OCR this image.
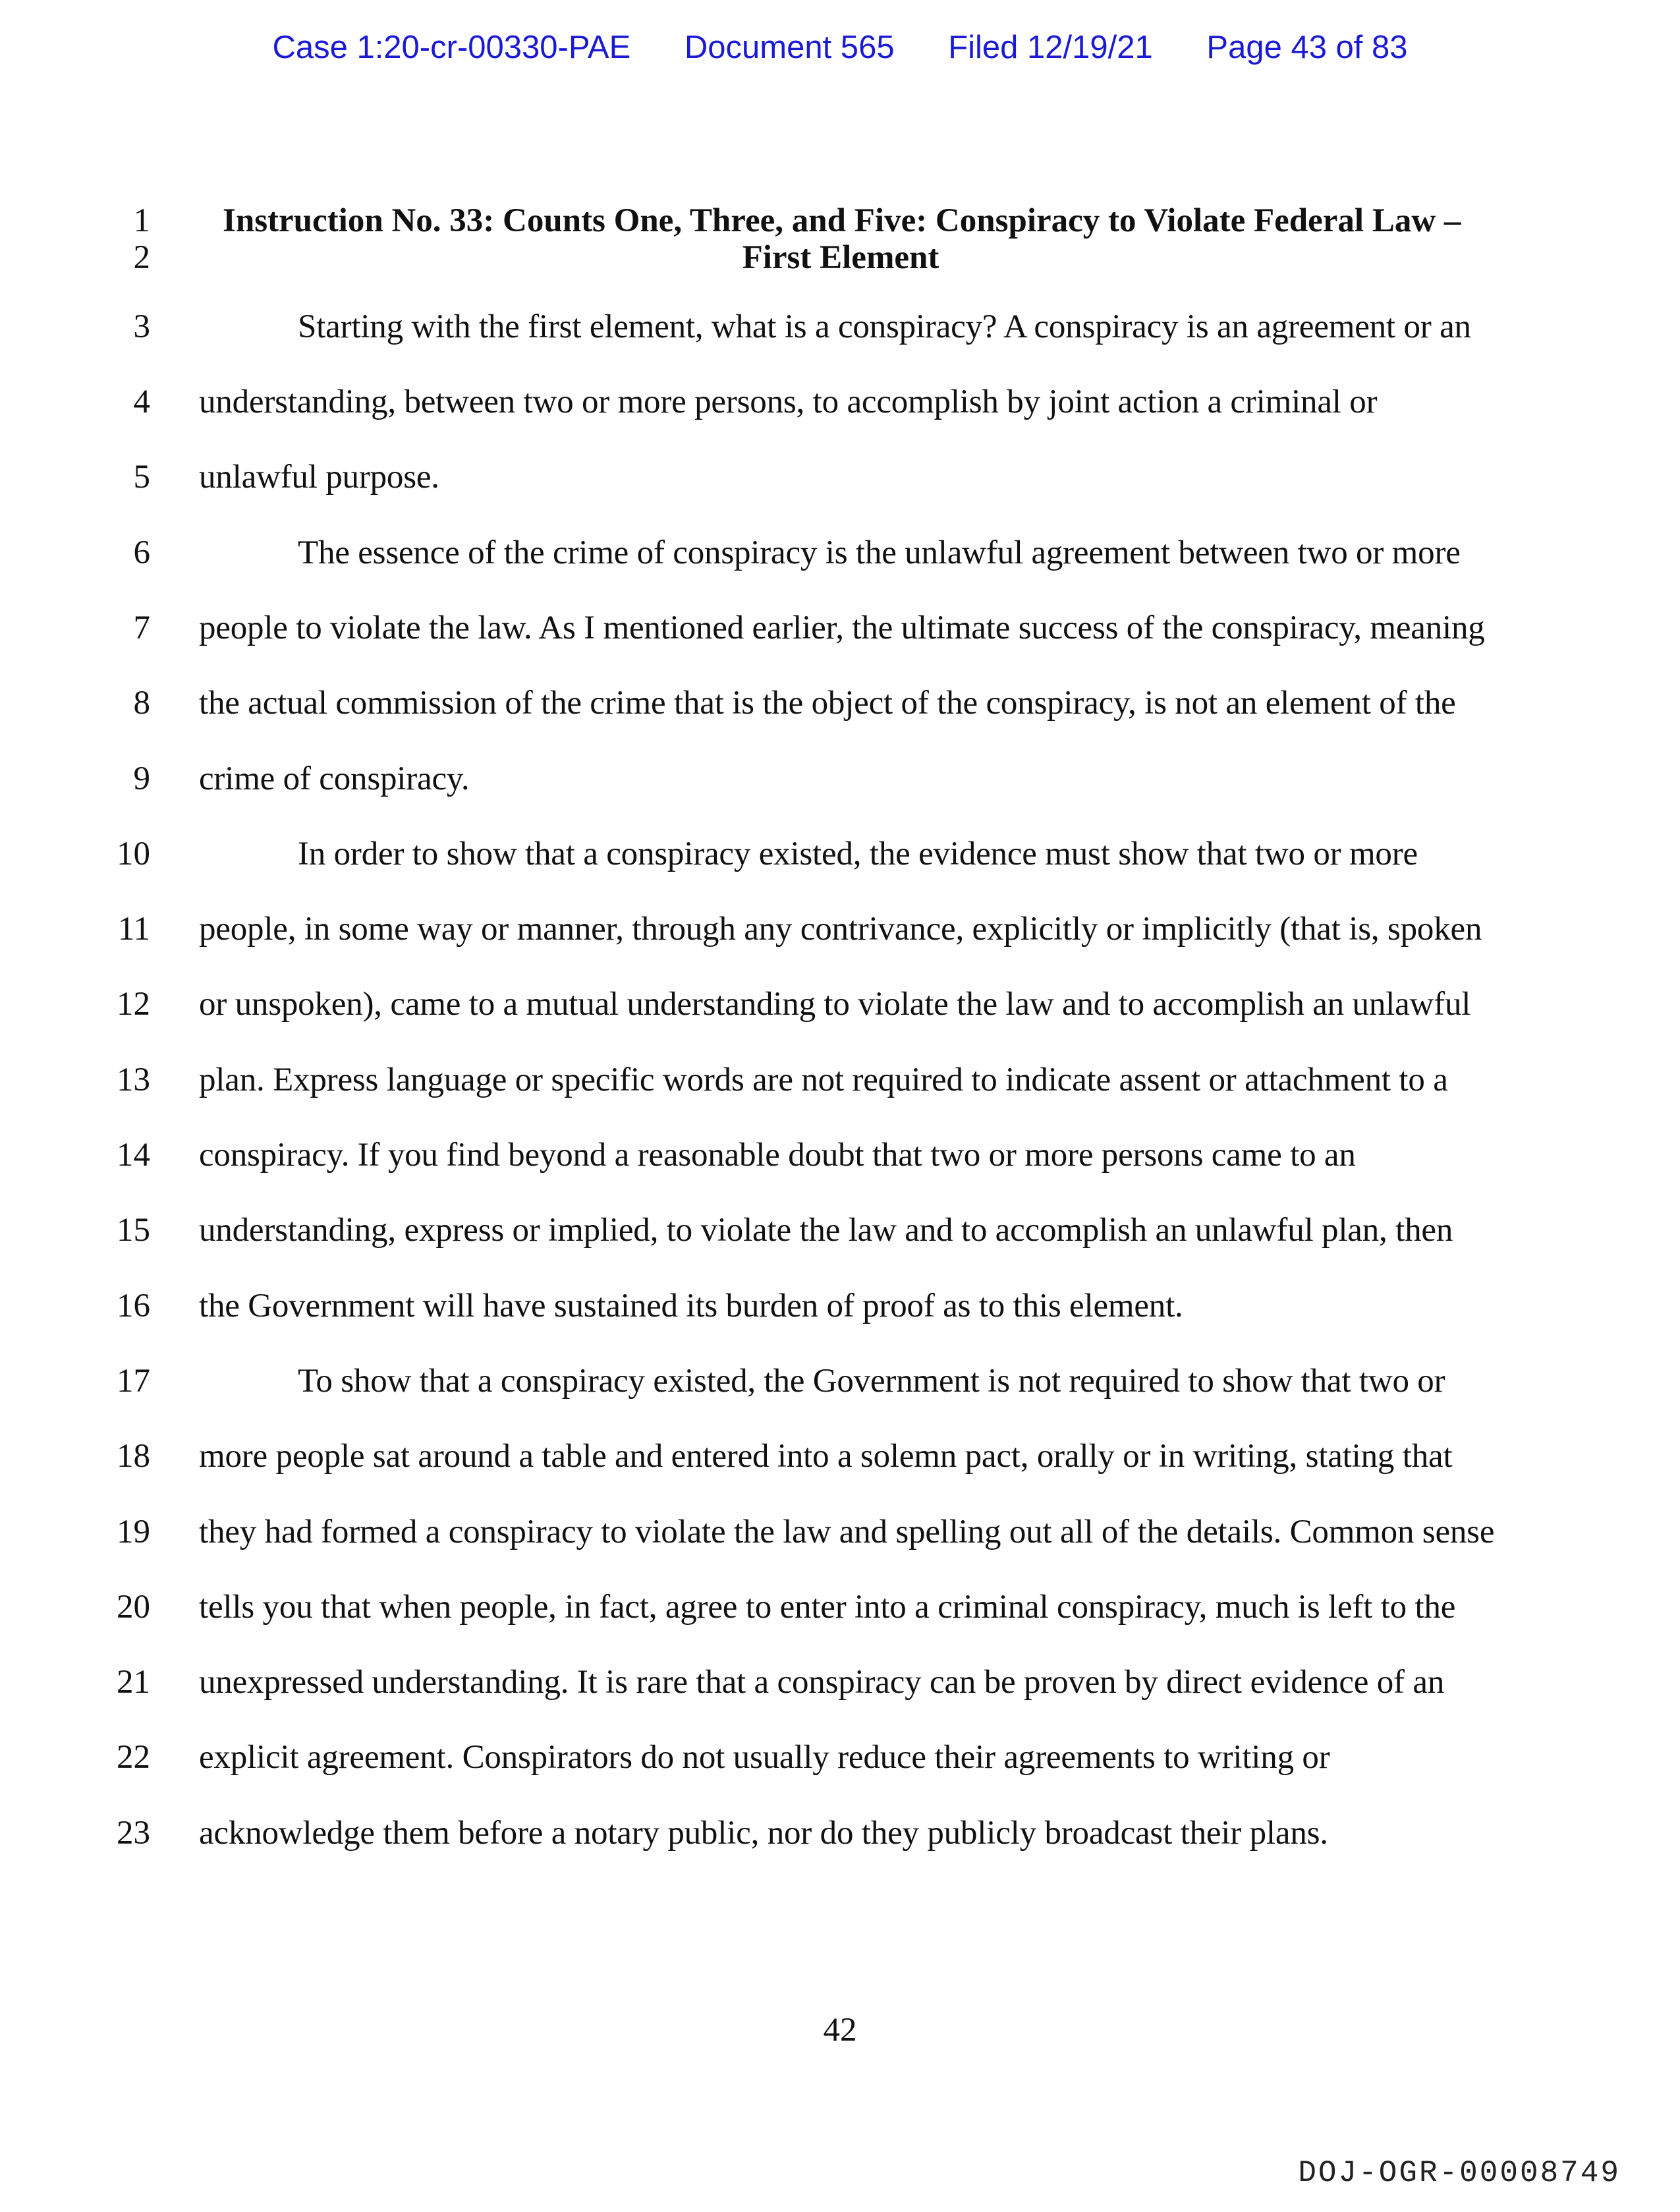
Case 1:20-cr-00330-PAE Document 565 Filed 12/19/21 Page 43 of 83
1
2
3
4
5
6
7
8
9
10
11
12
13
14
15
16
17
18
19
20
21
22
23
Instruction No. 33: Counts One, Three, and Five: Conspiracy to Violate Federal Law –
First Element
Starting with the first element, what is a conspiracy? A conspiracy is an agreement or an
understanding, between two or more persons, to accomplish by joint action a criminal or
unlawful purpose.
The essence of the crime of conspiracy is the unlawful agreement between two or more
people to violate the law. As I mentioned earlier, the ultimate success of the conspiracy, meaning
the actual commission of the crime that is the object of the conspiracy, is not an element of the
crime of conspiracy.
In order to show that a conspiracy existed, the evidence must show that two or more
people, in some way or manner, through any contrivance, explicitly or implicitly (that is, spoken
or unspoken), came to a mutual understanding to violate the law and to accomplish an unlawful
plan. Express language or specific words are not required to indicate assent or attachment to a
conspiracy. If you find beyond a reasonable doubt that two or more persons came to an
understanding, express or implied, to violate the law and to accomplish an unlawful plan, then
the Government will have sustained its burden of proof as to this element.
To show that a conspiracy existed, the Government is not required to show that two or
more people sat around a table and entered into a solemn pact, orally or in writing, stating that
they had formed a conspiracy to violate the law and spelling out all of the details. Common sense
tells you that when people, in fact, agree to enter into a criminal conspiracy, much is left to the
unexpressed understanding. It is rare that a conspiracy can be proven by direct evidence of an
explicit agreement. Conspirators do not usually reduce their agreements to writing or
acknowledge them before a notary public, nor do they publicly broadcast their plans.
42
DOJ-OGR-00008749
